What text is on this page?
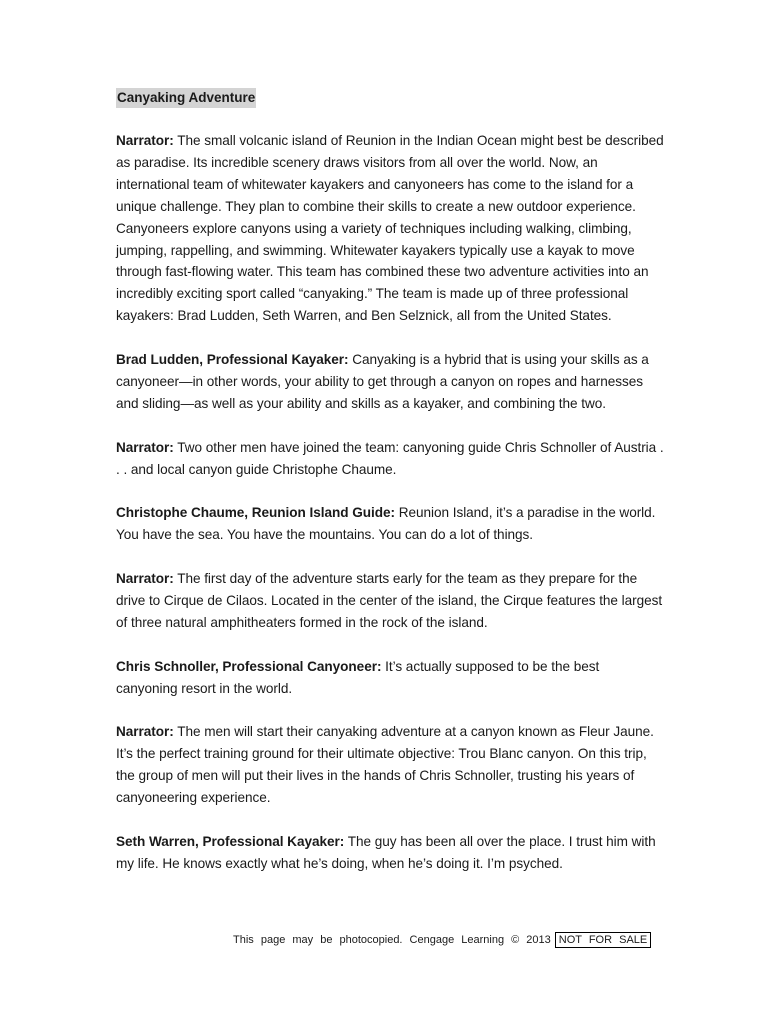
Canyaking Adventure

Narrator: The small volcanic island of Reunion in the Indian Ocean might best be described as paradise. Its incredible scenery draws visitors from all over the world. Now, an international team of whitewater kayakers and canyoneers has come to the island for a unique challenge. They plan to combine their skills to create a new outdoor experience. Canyoneers explore canyons using a variety of techniques including walking, climbing, jumping, rappelling, and swimming. Whitewater kayakers typically use a kayak to move through fast-flowing water. This team has combined these two adventure activities into an incredibly exciting sport called “canyaking.” The team is made up of three professional kayakers: Brad Ludden, Seth Warren, and Ben Selznick, all from the United States.

Brad Ludden, Professional Kayaker: Canyaking is a hybrid that is using your skills as a canyoneer—in other words, your ability to get through a canyon on ropes and harnesses and sliding—as well as your ability and skills as a kayaker, and combining the two.

Narrator: Two other men have joined the team: canyoning guide Chris Schnoller of Austria . . . and local canyon guide Christophe Chaume.

Christophe Chaume, Reunion Island Guide: Reunion Island, it’s a paradise in the world. You have the sea. You have the mountains. You can do a lot of things.

Narrator: The first day of the adventure starts early for the team as they prepare for the drive to Cirque de Cilaos. Located in the center of the island, the Cirque features the largest of three natural amphitheaters formed in the rock of the island.

Chris Schnoller, Professional Canyoneer: It’s actually supposed to be the best canyoning resort in the world.

Narrator: The men will start their canyaking adventure at a canyon known as Fleur Jaune. It’s the perfect training ground for their ultimate objective: Trou Blanc canyon. On this trip, the group of men will put their lives in the hands of Chris Schnoller, trusting his years of canyoneering experience.

Seth Warren, Professional Kayaker: The guy has been all over the place. I trust him with my life. He knows exactly what he’s doing, when he’s doing it. I’m psyched.

This page may be photocopied. Cengage Learning © 2013 NOT FOR SALE
